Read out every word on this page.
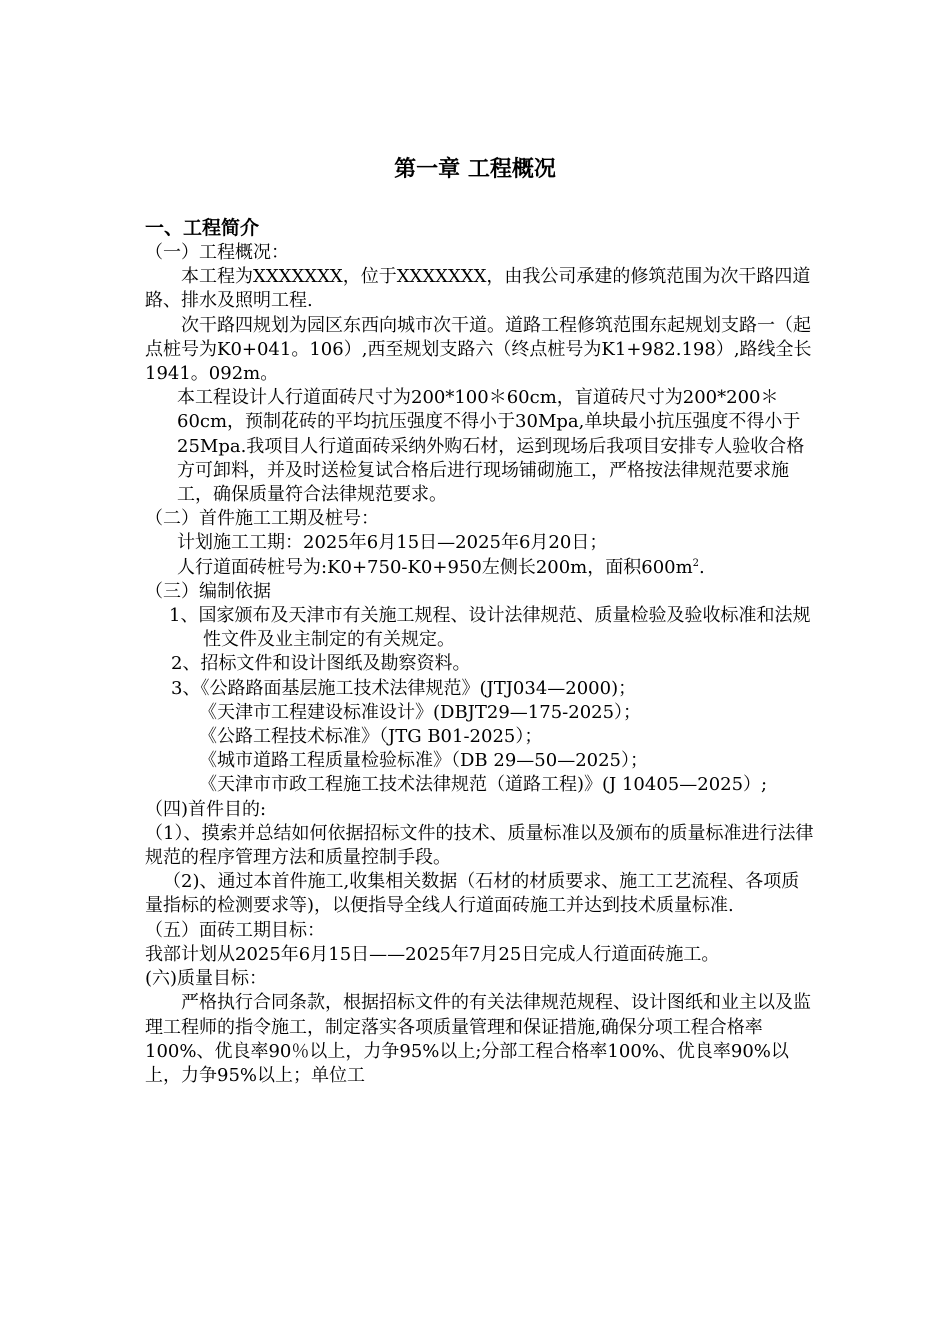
第一章 工程概况

一、工程简介

（一）工程概况：

本工程为XXXXXXX，位于XXXXXXX，由我公司承建的修筑范围为次干路四道路、排水及照明工程.

次干路四规划为园区东西向城市次干道。道路工程修筑范围东起规划支路一（起点桩号为K0+041。106）,西至规划支路六（终点桩号为K1+982.198）,路线全长1941。092m。

本工程设计人行道面砖尺寸为200*100＊60cm，盲道砖尺寸为200*200＊60cm，预制花砖的平均抗压强度不得小于30Mpa,单块最小抗压强度不得小于25Mpa.我项目人行道面砖采纳外购石材，运到现场后我项目安排专人验收合格方可卸料，并及时送检复试合格后进行现场铺砌施工，严格按法律规范要求施工，确保质量符合法律规范要求。

（二）首件施工工期及桩号：

计划施工工期：2025年6月15日—2025年6月20日；

人行道面砖桩号为:K0+750-K0+950左侧长200m，面积$600m^2$.

（三）编制依据

1、国家颁布及天津市有关施工规程、设计法律规范、质量检验及验收标准和法规性文件及业主制定的有关规定。

2、招标文件和设计图纸及勘察资料。

3、《公路路面基层施工技术法律规范》(JTJ034—2000)；

《天津市工程建设标准设计》(DBJT29—175-2025）；

《公路工程技术标准》（JTG B01-2025）；

《城市道路工程质量检验标准》（DB 29—50—2025）；

《天津市市政工程施工技术法律规范（道路工程)》(J 10405—2025）;

（四)首件目的:

（1）、摸索并总结如何依据招标文件的技术、质量标准以及颁布的质量标准进行法律规范的程序管理方法和质量控制手段。

（2)、通过本首件施工,收集相关数据（石材的材质要求、施工工艺流程、各项质量指标的检测要求等)，以便指导全线人行道面砖施工并达到技术质量标准.

（五）面砖工期目标：

我部计划从2025年6月15日——2025年7月25日完成人行道面砖施工。

(六)质量目标：

严格执行合同条款，根据招标文件的有关法律规范规程、设计图纸和业主以及监理工程师的指令施工，制定落实各项质量管理和保证措施,确保分项工程合格率100%、优良率90％以上，力争95%以上;分部工程合格率100%、优良率90%以上，力争95%以上；单位工
